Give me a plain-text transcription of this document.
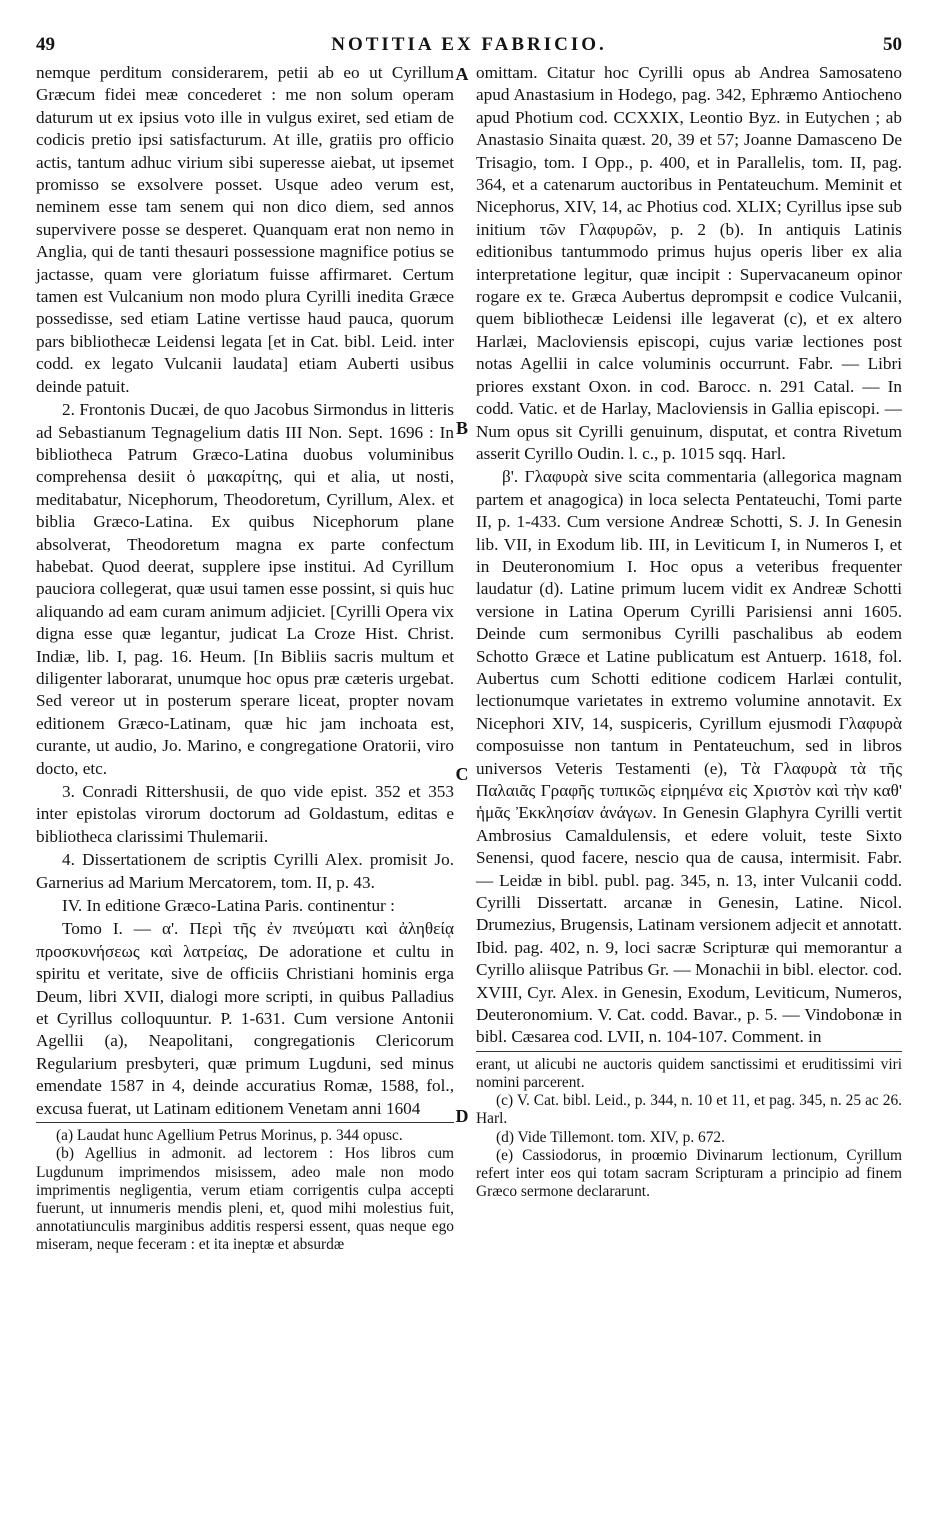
49	NOTITIA EX FABRICIO.	50
A
B
C
D

nemque perditum considerarem, petii ab eo ut Cyrillum Græcum fidei meæ concederet : me non solum operam daturum ut ex ipsius voto ille in vulgus exiret, sed etiam de codicis pretio ipsi satisfacturum. At ille, gratiis pro officio actis, tantum adhuc virium sibi superesse aiebat, ut ipsemet promisso se exsolvere posset. Usque adeo verum est, neminem esse tam senem qui non dico diem, sed annos supervivere posse se desperet. Quanquam erat non nemo in Anglia, qui de tanti thesauri possessione magnifice potius se jactasse, quam vere gloriatum fuisse affirmaret. Certum tamen est Vulcanium non modo plura Cyrilli inedita Græce possedisse, sed etiam Latine vertisse haud pauca, quorum pars bibliothecæ Leidensi legata [et in Cat. bibl. Leid. inter codd. ex legato Vulcanii laudata] etiam Auberti usibus deinde patuit.

2. Frontonis Ducæi, de quo Jacobus Sirmondus in litteris ad Sebastianum Tegnagelium datis III Non. Sept. 1696 : In bibliotheca Patrum Græco-Latina duobus voluminibus comprehensa desiit ὁ μακαρίτης, qui et alia, ut nosti, meditabatur, Nicephorum, Theodoretum, Cyrillum, Alex. et biblia Græco-Latina. Ex quibus Nicephorum plane absolverat, Theodoretum magna ex parte confectum habebat. Quod deerat, supplere ipse institui. Ad Cyrillum pauciora collegerat, quæ usui tamen esse possint, si quis huc aliquando ad eam curam animum adjiciet. [Cyrilli Opera vix digna esse quæ legantur, judicat La Croze Hist. Christ. Indiæ, lib. I, pag. 16. Heum. [In Bibliis sacris multum et diligenter laborarat, unumque hoc opus præ cæteris urgebat. Sed vereor ut in posterum sperare liceat, propter novam editionem Græco-Latinam, quæ hic jam inchoata est, curante, ut audio, Jo. Marino, e congregatione Oratorii, viro docto, etc.

3. Conradi Rittershusii, de quo vide epist. 352 et 353 inter epistolas virorum doctorum ad Goldastum, editas e bibliotheca clarissimi Thulemarii.

4. Dissertationem de scriptis Cyrilli Alex. promisit Jo. Garnerius ad Marium Mercatorem, tom. II, p. 43.

IV. In editione Græco-Latina Paris. continentur :

Tomo I. — α'. Περὶ τῆς ἐν πνεύματι καὶ ἀληθείᾳ προσκυνήσεως καὶ λατρείας, De adoratione et cultu in spiritu et veritate, sive de officiis Christiani hominis erga Deum, libri XVII, dialogi more scripti, in quibus Palladius et Cyrillus colloquuntur. P. 1-631. Cum versione Antonii Agellii (a), Neapolitani, congregationis Clericorum Regularium presbyteri, quæ primum Lugduni, sed minus emendate 1587 in 4, deinde accuratius Romæ, 1588, fol., excusa fuerat, ut Latinam editionem Venetam anni 1604

(a) Laudat hunc Agellium Petrus Morinus, p. 344 opusc.

(b) Agellius in admonit. ad lectorem : Hos libros cum Lugdunum imprimendos misissem, adeo male non modo imprimentis negligentia, verum etiam corrigentis culpa accepti fuerunt, ut innumeris mendis pleni, et, quod mihi molestius fuit, annotatiunculis marginibus additis respersi essent, quas neque ego miseram, neque feceram : et ita ineptæ et absurdæ

omittam. Citatur hoc Cyrilli opus ab Andrea Samosateno apud Anastasium in Hodego, pag. 342, Ephræmo Antiocheno apud Photium cod. CCXXIX, Leontio Byz. in Eutychen ; ab Anastasio Sinaita quæst. 20, 39 et 57; Joanne Damasceno De Trisagio, tom. I Opp., p. 400, et in Parallelis, tom. II, pag. 364, et a catenarum auctoribus in Pentateuchum. Meminit et Nicephorus, XIV, 14, ac Photius cod. XLIX; Cyrillus ipse sub initium τῶν Γλαφυρῶν, p. 2 (b). In antiquis Latinis editionibus tantummodo primus hujus operis liber ex alia interpretatione legitur, quæ incipit : Supervacaneum opinor rogare ex te. Græca Aubertus deprompsit e codice Vulcanii, quem bibliothecæ Leidensi ille legaverat (c), et ex altero Harlæi, Macloviensis episcopi, cujus variæ lectiones post notas Agellii in calce voluminis occurrunt. Fabr. — Libri priores exstant Oxon. in cod. Barocc. n. 291 Catal. — In codd. Vatic. et de Harlay, Macloviensis in Gallia episcopi. — Num opus sit Cyrilli genuinum, disputat, et contra Rivetum asserit Cyrillo Oudin. l. c., p. 1015 sqq. Harl.

β'. Γλαφυρὰ sive scita commentaria (allegorica magnam partem et anagogica) in loca selecta Pentateuchi, Tomi parte II, p. 1-433. Cum versione Andreæ Schotti, S. J. In Genesin lib. VII, in Exodum lib. III, in Leviticum I, in Numeros I, et in Deuteronomium I. Hoc opus a veteribus frequenter laudatur (d). Latine primum lucem vidit ex Andreæ Schotti versione in Latina Operum Cyrilli Parisiensi anni 1605. Deinde cum sermonibus Cyrilli paschalibus ab eodem Schotto Græce et Latine publicatum est Antuerp. 1618, fol. Aubertus cum Schotti editione codicem Harlæi contulit, lectionumque varietates in extremo volumine annotavit. Ex Nicephori XIV, 14, suspiceris, Cyrillum ejusmodi Γλαφυρὰ composuisse non tantum in Pentateuchum, sed in libros universos Veteris Testamenti (e), Τὰ Γλαφυρὰ τὰ τῆς Παλαιᾶς Γραφῆς τυπικῶς εἰρημένα εἰς Χριστὸν καὶ τὴν καθ' ἡμᾶς Ἐκκλησίαν ἀνάγων. In Genesin Glaphyra Cyrilli vertit Ambrosius Camaldulensis, et edere voluit, teste Sixto Senensi, quod facere, nescio qua de causa, intermisit. Fabr. — Leidæ in bibl. publ. pag. 345, n. 13, inter Vulcanii codd. Cyrilli Dissertatt. arcanæ in Genesin, Latine. Nicol. Drumezius, Brugensis, Latinam versionem adjecit et annotatt. Ibid. pag. 402, n. 9, loci sacræ Scripturæ qui memorantur a Cyrillo aliisque Patribus Gr. — Monachii in bibl. elector. cod. XVIII, Cyr. Alex. in Genesin, Exodum, Leviticum, Numeros, Deuteronomium. V. Cat. codd. Bavar., p. 5. — Vindobonæ in bibl. Cæsarea cod. LVII, n. 104-107. Comment. in

erant, ut alicubi ne auctoris quidem sanctissimi et eruditissimi viri nomini parcerent.

(c) V. Cat. bibl. Leid., p. 344, n. 10 et 11, et pag. 345, n. 25 ac 26. Harl.

(d) Vide Tillemont. tom. XIV, p. 672.

(e) Cassiodorus, in proœmio Divinarum lectionum, Cyrillum refert inter eos qui totam sacram Scripturam a principio ad finem Græco sermone declararunt.
